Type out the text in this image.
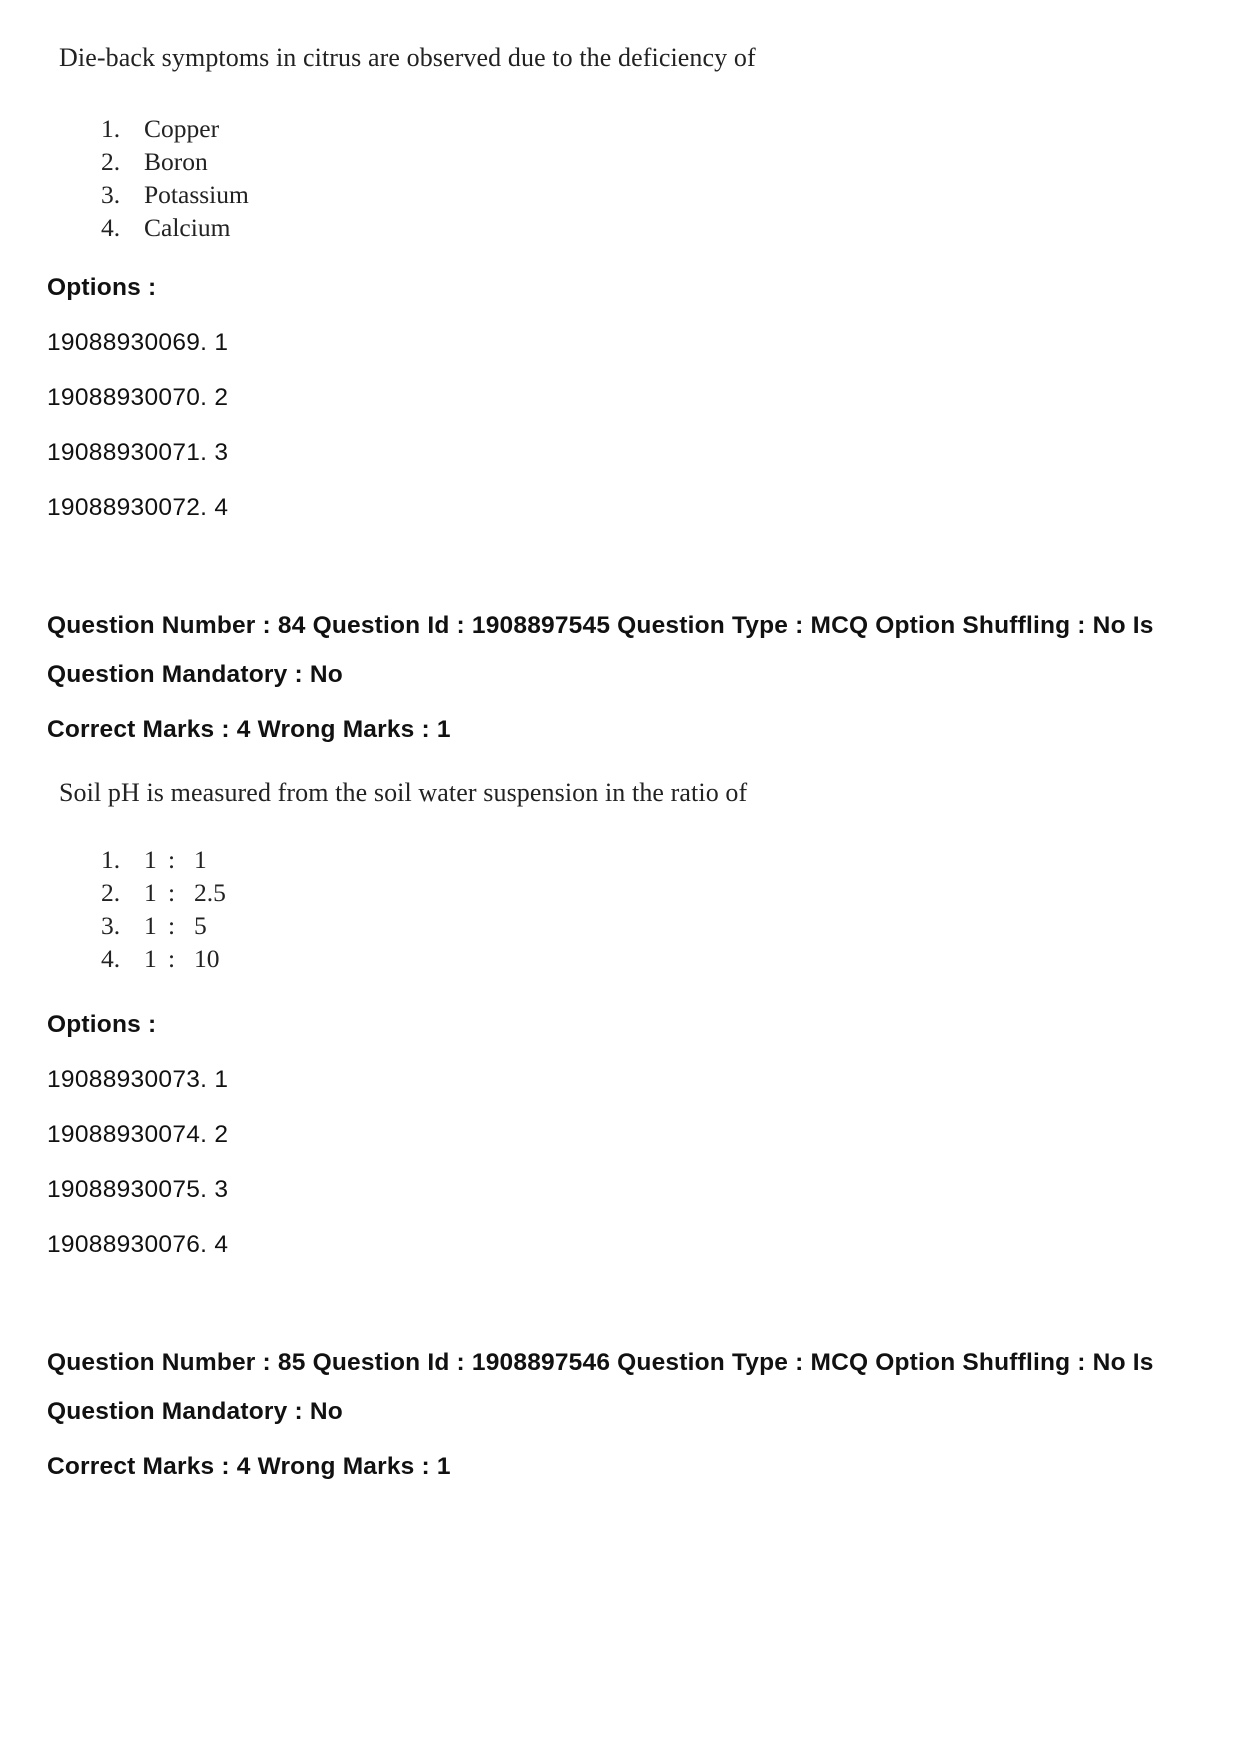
Die-back symptoms in citrus are observed due to the deficiency of
1. Copper
2. Boron
3. Potassium
4. Calcium
Options :
19088930069. 1
19088930070. 2
19088930071. 3
19088930072. 4
Question Number : 84 Question Id : 1908897545 Question Type : MCQ Option Shuffling : No Is
Question Mandatory : No
Correct Marks : 4 Wrong Marks : 1
Soil pH is measured from the soil water suspension in the ratio of
1. 1 : 1
2. 1 : 2.5
3. 1 : 5
4. 1 : 10
Options :
19088930073. 1
19088930074. 2
19088930075. 3
19088930076. 4
Question Number : 85 Question Id : 1908897546 Question Type : MCQ Option Shuffling : No Is
Question Mandatory : No
Correct Marks : 4 Wrong Marks : 1
